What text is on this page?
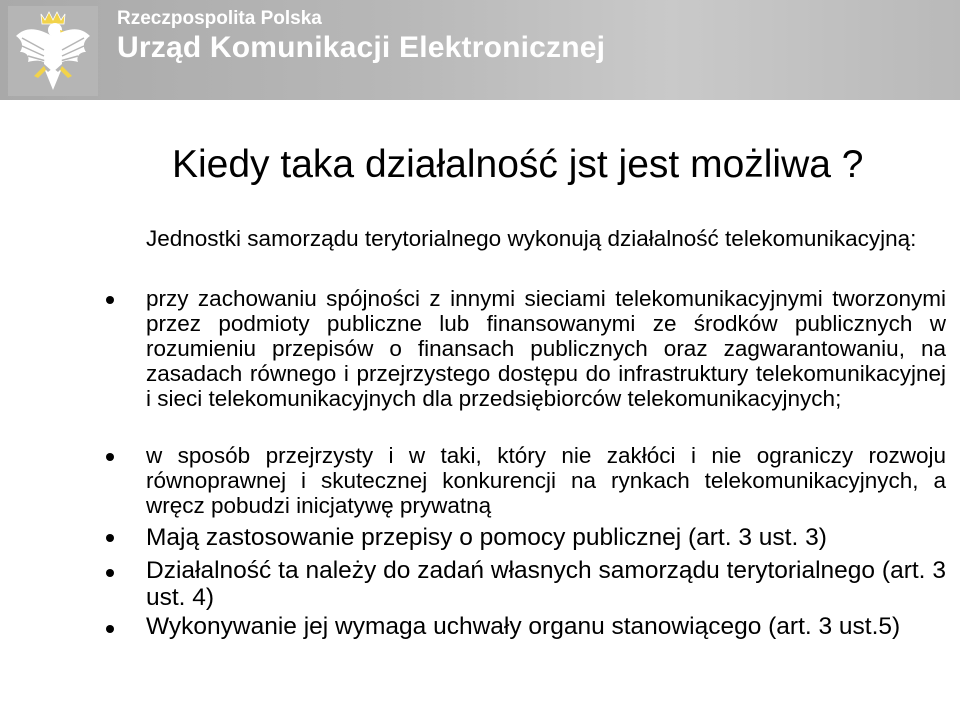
Rzeczpospolita Polska
Urząd Komunikacji Elektronicznej
Kiedy taka działalność jst jest możliwa ?
Jednostki samorządu terytorialnego wykonują działalność telekomunikacyjną:
przy zachowaniu spójności z innymi sieciami telekomunikacyjnymi tworzonymi przez podmioty publiczne lub finansowanymi ze środków publicznych w rozumieniu przepisów o finansach publicznych oraz zagwarantowaniu, na zasadach równego i przejrzystego dostępu do infrastruktury telekomunikacyjnej i sieci telekomunikacyjnych dla przedsiębiorców telekomunikacyjnych;
w sposób przejrzysty i w taki, który nie zakłóci i nie ograniczy rozwoju równoprawnej i skutecznej konkurencji na rynkach telekomunikacyjnych, a wręcz pobudzi inicjatywę prywatną
Mają zastosowanie przepisy o pomocy publicznej (art. 3 ust. 3)
Działalność ta należy do zadań własnych samorządu terytorialnego (art. 3 ust. 4)
Wykonywanie jej wymaga uchwały organu stanowiącego (art. 3 ust.5)
